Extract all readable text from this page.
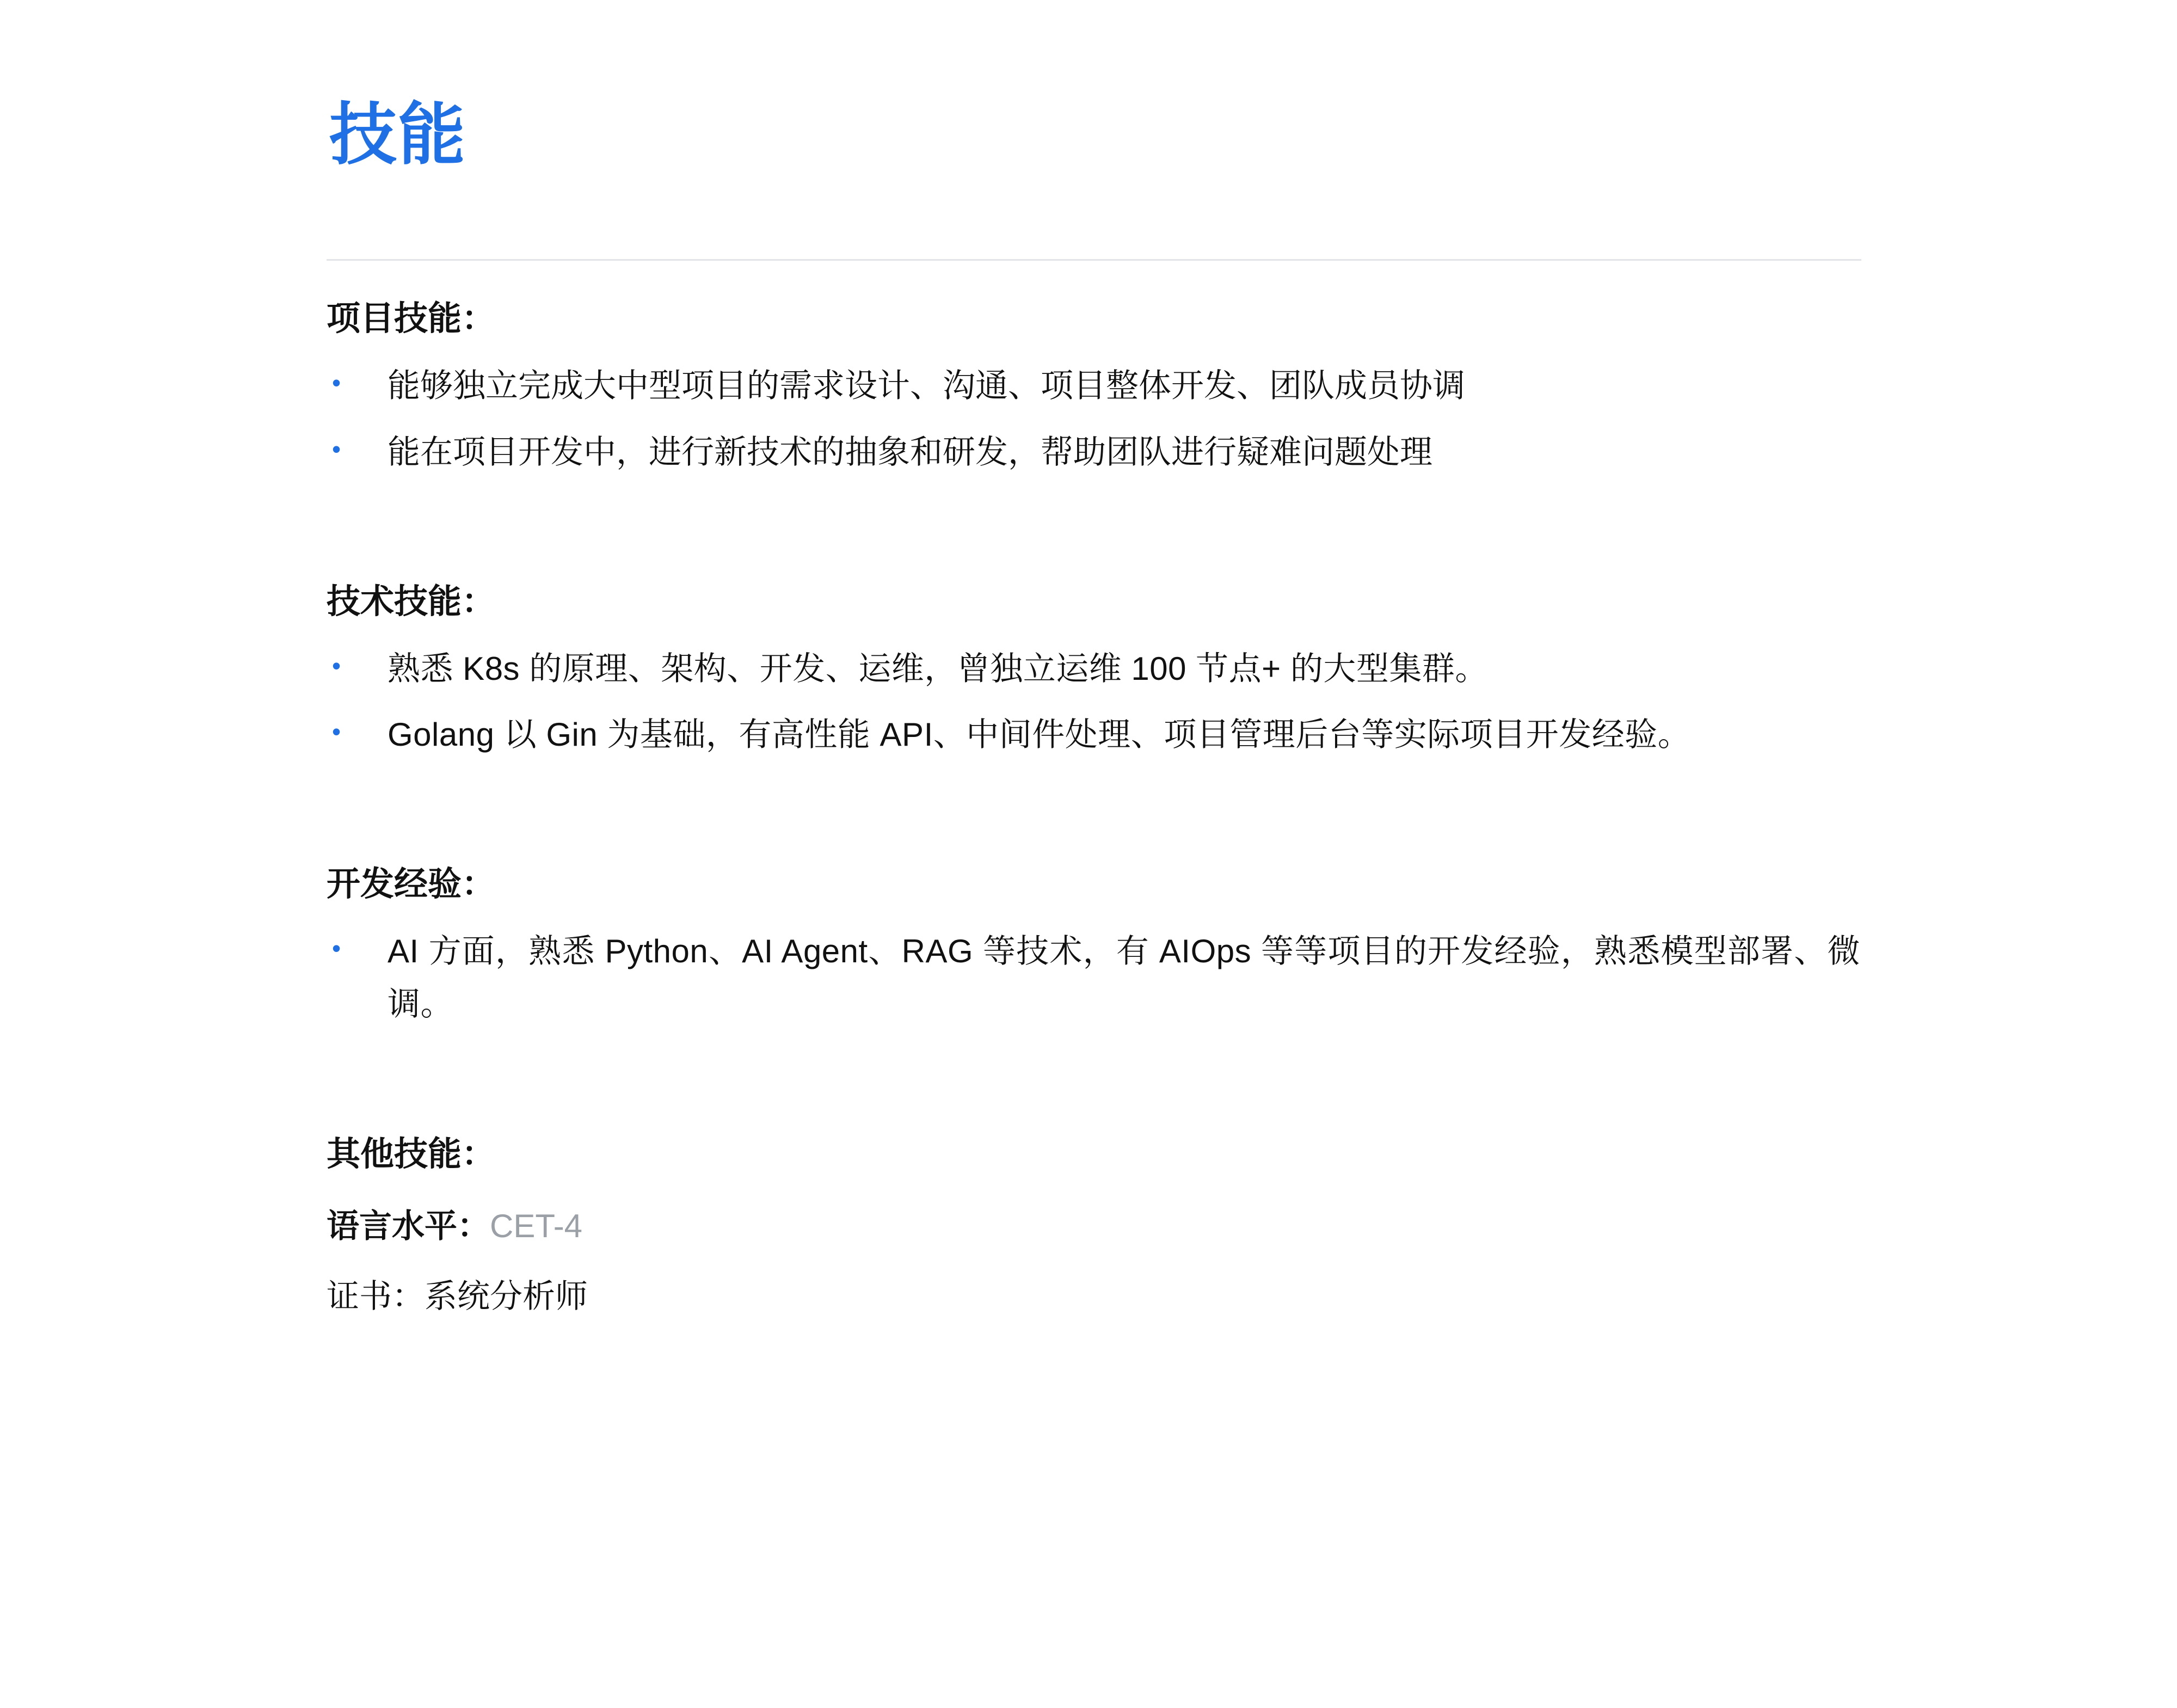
技能
项目技能：
•	能够独立完成大中型项目的需求设计、沟通、项目整体开发、团队成员协调
•	能在项目开发中，进行新技术的抽象和研发，帮助团队进行疑难问题处理
技术技能：
•	熟悉 K8s 的原理、架构、开发、运维，曾独立运维 100 节点+ 的大型集群。
•	Golang 以 Gin 为基础，有高性能 API、中间件处理、项目管理后台等实际项目开发经验。
开发经验：
•	AI 方面，熟悉 Python、AI Agent、RAG 等技术，有 AIOps 等等项目的开发经验，熟悉模型部署、微调。
其他技能：
语言水平：CET-4
证书：系统分析师
